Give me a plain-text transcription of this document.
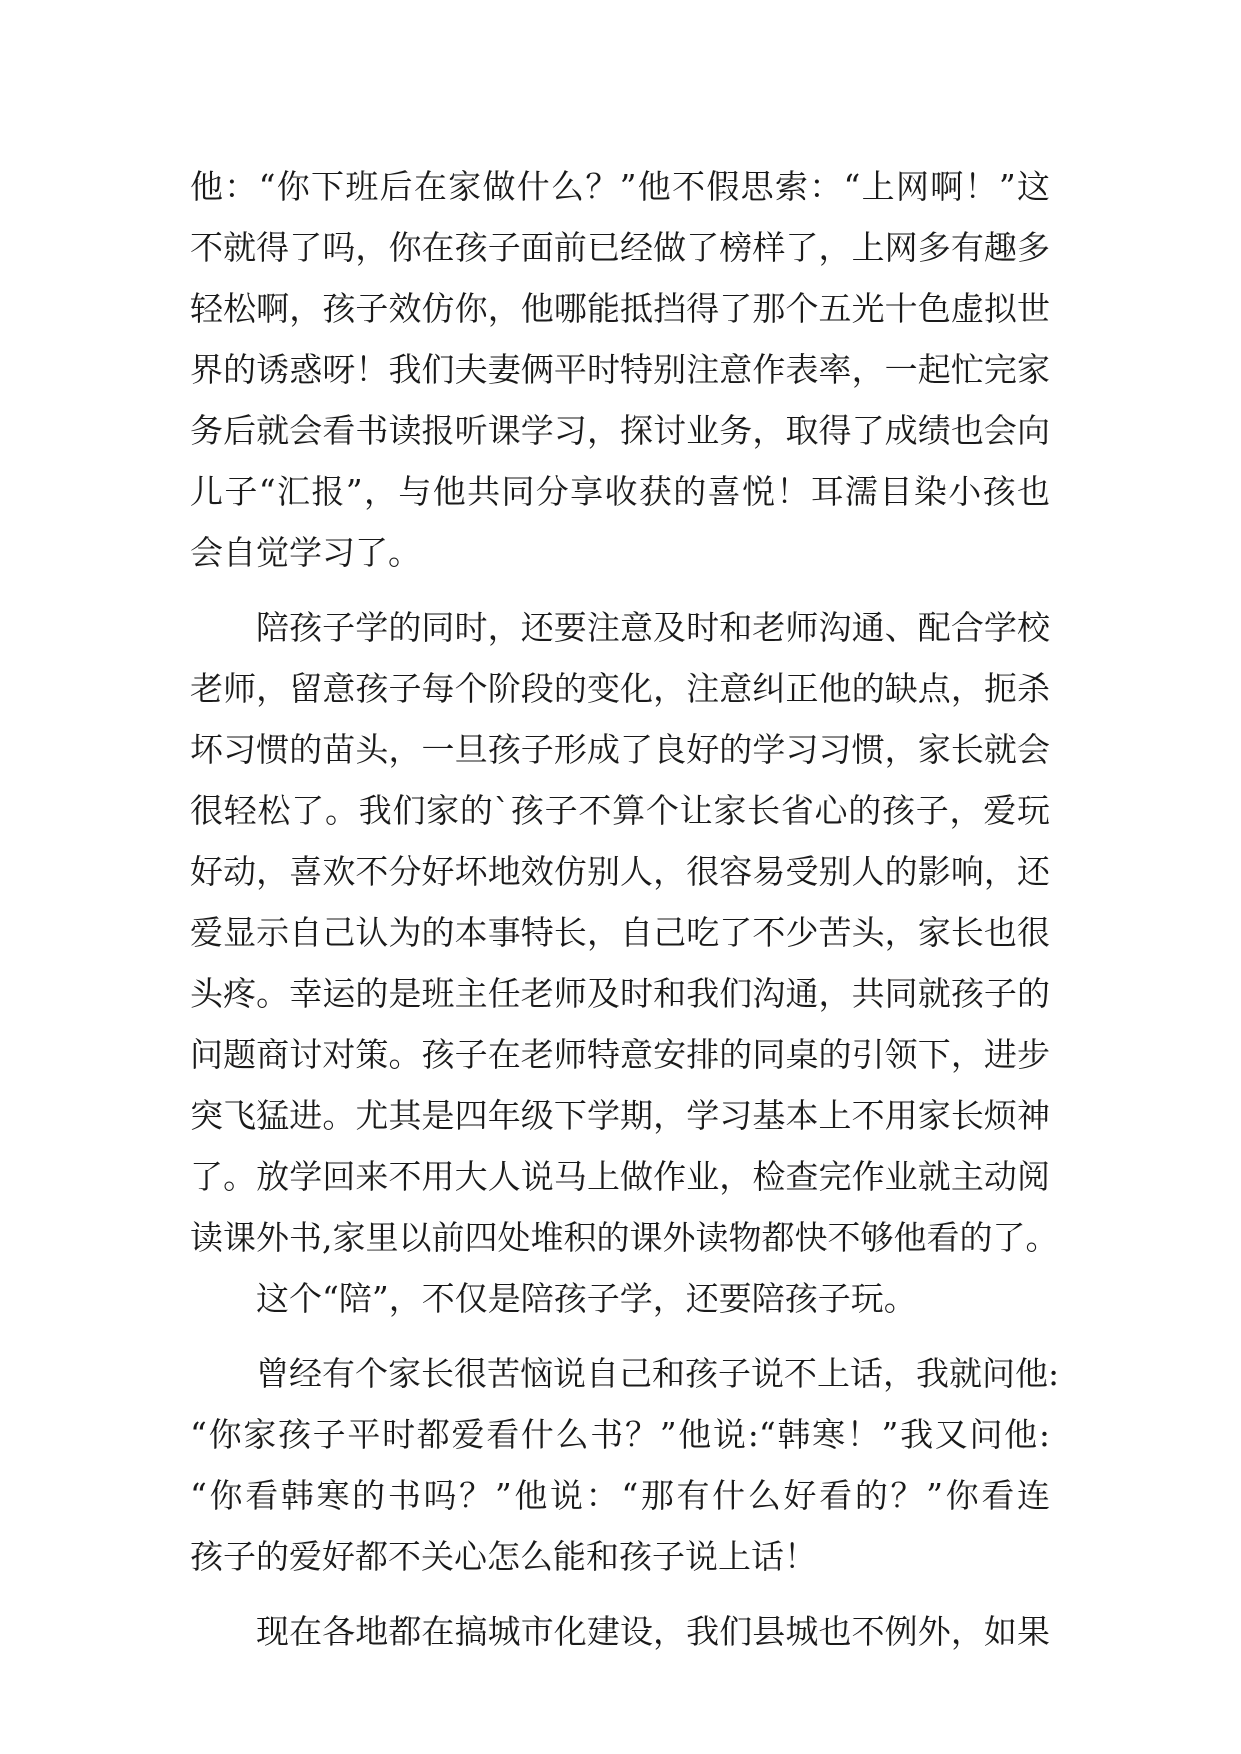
他：“你下班后在家做什么？”他不假思索：“上网啊！”这
不就得了吗，你在孩子面前已经做了榜样了，上网多有趣多
轻松啊，孩子效仿你，他哪能抵挡得了那个五光十色虚拟世
界的诱惑呀！我们夫妻俩平时特别注意作表率，一起忙完家
务后就会看书读报听课学习，探讨业务，取得了成绩也会向
儿子“汇报”，与他共同分享收获的喜悦！耳濡目染小孩也
会自觉学习了。
陪孩子学的同时，还要注意及时和老师沟通、配合学校
老师，留意孩子每个阶段的变化，注意纠正他的缺点，扼杀
坏习惯的苗头，一旦孩子形成了良好的学习习惯，家长就会
很轻松了。我们家的`孩子不算个让家长省心的孩子，爱玩
好动，喜欢不分好坏地效仿别人，很容易受别人的影响，还
爱显示自己认为的本事特长，自己吃了不少苦头，家长也很
头疼。幸运的是班主任老师及时和我们沟通，共同就孩子的
问题商讨对策。孩子在老师特意安排的同桌的引领下，进步
突飞猛进。尤其是四年级下学期，学习基本上不用家长烦神
了。放学回来不用大人说马上做作业，检查完作业就主动阅
读课外书,家里以前四处堆积的课外读物都快不够他看的了。
这个“陪”，不仅是陪孩子学，还要陪孩子玩。
曾经有个家长很苦恼说自己和孩子说不上话，我就问他:
“你家孩子平时都爱看什么书？”他说:“韩寒！”我又问他:
“你看韩寒的书吗？”他说：“那有什么好看的？”你看连
孩子的爱好都不关心怎么能和孩子说上话！
现在各地都在搞城市化建设，我们县城也不例外，如果
